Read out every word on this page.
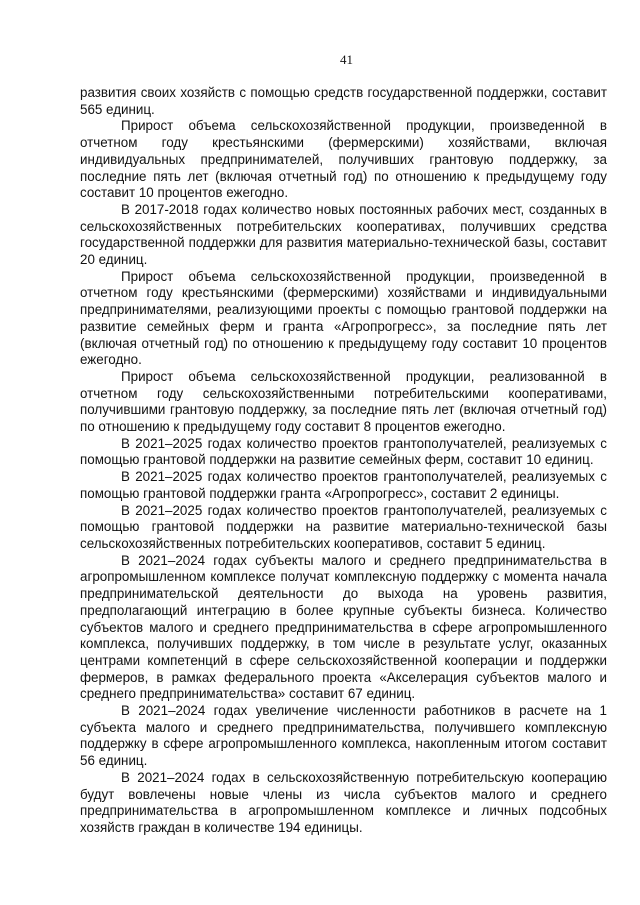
41

развития своих хозяйств с помощью средств государственной поддержки, составит 565 единиц.

Прирост объема сельскохозяйственной продукции, произведенной в отчетном году крестьянскими (фермерскими) хозяйствами, включая индивидуальных предпринимателей, получивших грантовую поддержку, за последние пять лет (включая отчетный год) по отношению к предыдущему году составит 10 процентов ежегодно.

В 2017-2018 годах количество новых постоянных рабочих мест, созданных в сельскохозяйственных потребительских кооперативах, получивших средства государственной поддержки для развития материально-технической базы, составит 20 единиц.

Прирост объема сельскохозяйственной продукции, произведенной в отчетном году крестьянскими (фермерскими) хозяйствами и индивидуальными предпринимателями, реализующими проекты с помощью грантовой поддержки на развитие семейных ферм и гранта «Агропрогресс», за последние пять лет (включая отчетный год) по отношению к предыдущему году составит 10 процентов ежегодно.

Прирост объема сельскохозяйственной продукции, реализованной в отчетном году сельскохозяйственными потребительскими кооперативами, получившими грантовую поддержку, за последние пять лет (включая отчетный год) по отношению к предыдущему году составит 8 процентов ежегодно.

В 2021–2025 годах количество проектов грантополучателей, реализуемых с помощью грантовой поддержки на развитие семейных ферм, составит 10 единиц.

В 2021–2025 годах количество проектов грантополучателей, реализуемых с помощью грантовой поддержки гранта «Агропрогресс», составит 2 единицы.

В 2021–2025 годах количество проектов грантополучателей, реализуемых с помощью грантовой поддержки на развитие материально-технической базы сельскохозяйственных потребительских кооперативов, составит 5 единиц.

В 2021–2024 годах субъекты малого и среднего предпринимательства в агропромышленном комплексе получат комплексную поддержку с момента начала предпринимательской деятельности до выхода на уровень развития, предполагающий интеграцию в более крупные субъекты бизнеса. Количество субъектов малого и среднего предпринимательства в сфере агропромышленного комплекса, получивших поддержку, в том числе в результате услуг, оказанных центрами компетенций в сфере сельскохозяйственной кооперации и поддержки фермеров, в рамках федерального проекта «Акселерация субъектов малого и среднего предпринимательства» составит 67 единиц.

В 2021–2024 годах увеличение численности работников в расчете на 1 субъекта малого и среднего предпринимательства, получившего комплексную поддержку в сфере агропромышленного комплекса, накопленным итогом составит 56 единиц.

В 2021–2024 годах в сельскохозяйственную потребительскую кооперацию будут вовлечены новые члены из числа субъектов малого и среднего предпринимательства в агропромышленном комплексе и личных подсобных хозяйств граждан в количестве 194 единицы.
